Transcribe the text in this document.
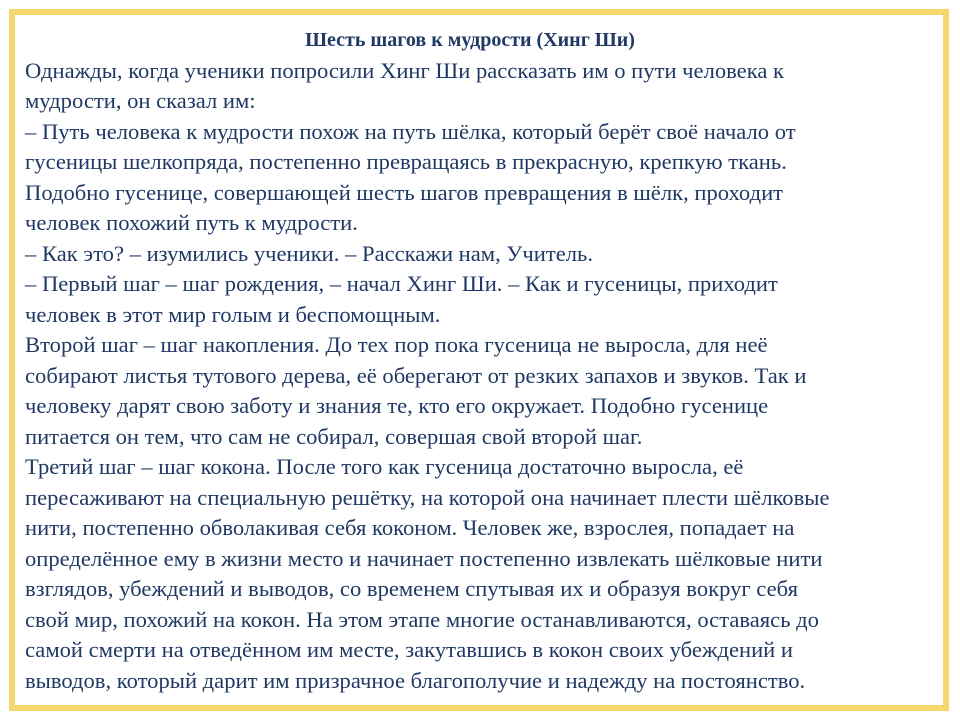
Шесть шагов к мудрости (Хинг Ши)
Однажды, когда ученики попросили Хинг Ши рассказать им о пути человека к
мудрости, он сказал им:
– Путь человека к мудрости похож на путь шёлка, который берёт своё начало от
гусеницы шелкопряда, постепенно превращаясь в прекрасную, крепкую ткань.
Подобно гусенице, совершающей шесть шагов превращения в шёлк, проходит
человек похожий путь к мудрости.
– Как это? – изумились ученики. – Расскажи нам, Учитель.
– Первый шаг – шаг рождения, – начал Хинг Ши. – Как и гусеницы, приходит
человек в этот мир голым и беспомощным.
Второй шаг – шаг накопления. До тех пор пока гусеница не выросла, для неё
собирают листья тутового дерева, её оберегают от резких запахов и звуков. Так и
человеку дарят свою заботу и знания те, кто его окружает. Подобно гусенице
питается он тем, что сам не собирал, совершая свой второй шаг.
Третий шаг – шаг кокона. После того как гусеница достаточно выросла, её
пересаживают на специальную решётку, на которой она начинает плести шёлковые
нити, постепенно обволакивая себя коконом. Человек же, взрослея, попадает на
определённое ему в жизни место и начинает постепенно извлекать шёлковые нити
взглядов, убеждений и выводов, со временем спутывая их и образуя вокруг себя
свой мир, похожий на кокон. На этом этапе многие останавливаются, оставаясь до
самой смерти на отведённом им месте, закутавшись в кокон своих убеждений и
выводов, который дарит им призрачное благополучие и надежду на постоянство.
